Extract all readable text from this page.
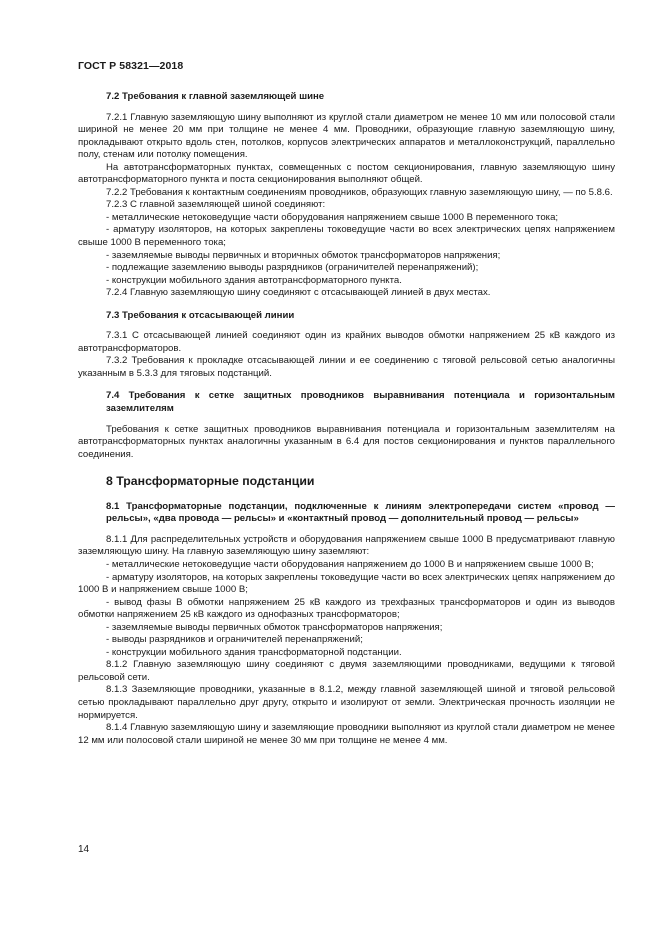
ГОСТ Р 58321—2018

7.2 Требования к главной заземляющей шине

7.2.1 Главную заземляющую шину выполняют из круглой стали диаметром не менее 10 мм или полосовой стали шириной не менее 20 мм при толщине не менее 4 мм. Проводники, образующие главную заземляющую шину, прокладывают открыто вдоль стен, потолков, корпусов электрических аппаратов и металлоконструкций, параллельно полу, стенам или потолку помещения.

На автотрансформаторных пунктах, совмещенных с постом секционирования, главную заземляющую шину автотрансформаторного пункта и поста секционирования выполняют общей.

7.2.2 Требования к контактным соединениям проводников, образующих главную заземляющую шину, — по 5.8.6.

7.2.3 С главной заземляющей шиной соединяют:

- металлические нетоковедущие части оборудования напряжением свыше 1000 В переменного тока;

- арматуру изоляторов, на которых закреплены токоведущие части во всех электрических цепях напряжением свыше 1000 В переменного тока;

- заземляемые выводы первичных и вторичных обмоток трансформаторов напряжения;

- подлежащие заземлению выводы разрядников (ограничителей перенапряжений);

- конструкции мобильного здания автотрансформаторного пункта.

7.2.4 Главную заземляющую шину соединяют с отсасывающей линией в двух местах.

7.3 Требования к отсасывающей линии

7.3.1 С отсасывающей линией соединяют один из крайних выводов обмотки напряжением 25 кВ каждого из автотрансформаторов.

7.3.2 Требования к прокладке отсасывающей линии и ее соединению с тяговой рельсовой сетью аналогичны указанным в 5.3.3 для тяговых подстанций.

7.4 Требования к сетке защитных проводников выравнивания потенциала и горизонтальным заземлителям

Требования к сетке защитных проводников выравнивания потенциала и горизонтальным заземлителям на автотрансформаторных пунктах аналогичны указанным в 6.4 для постов секционирования и пунктов параллельного соединения.

8 Трансформаторные подстанции

8.1 Трансформаторные подстанции, подключенные к линиям электропередачи систем «провод — рельсы», «два провода — рельсы» и «контактный провод — дополнительный провод — рельсы»

8.1.1 Для распределительных устройств и оборудования напряжением свыше 1000 В предусматривают главную заземляющую шину. На главную заземляющую шину заземляют:

- металлические нетоковедущие части оборудования напряжением до 1000 В и напряжением свыше 1000 В;

- арматуру изоляторов, на которых закреплены токоведущие части во всех электрических цепях напряжением до 1000 В и напряжением свыше 1000 В;

- вывод фазы В обмотки напряжением 25 кВ каждого из трехфазных трансформаторов и один из выводов обмотки напряжением 25 кВ каждого из однофазных трансформаторов;

- заземляемые выводы первичных обмоток трансформаторов напряжения;

- выводы разрядников и ограничителей перенапряжений;

- конструкции мобильного здания трансформаторной подстанции.

8.1.2 Главную заземляющую шину соединяют с двумя заземляющими проводниками, ведущими к тяговой рельсовой сети.

8.1.3 Заземляющие проводники, указанные в 8.1.2, между главной заземляющей шиной и тяговой рельсовой сетью прокладывают параллельно друг другу, открыто и изолируют от земли. Электрическая прочность изоляции не нормируется.

8.1.4 Главную заземляющую шину и заземляющие проводники выполняют из круглой стали диаметром не менее 12 мм или полосовой стали шириной не менее 30 мм при толщине не менее 4 мм.

14
